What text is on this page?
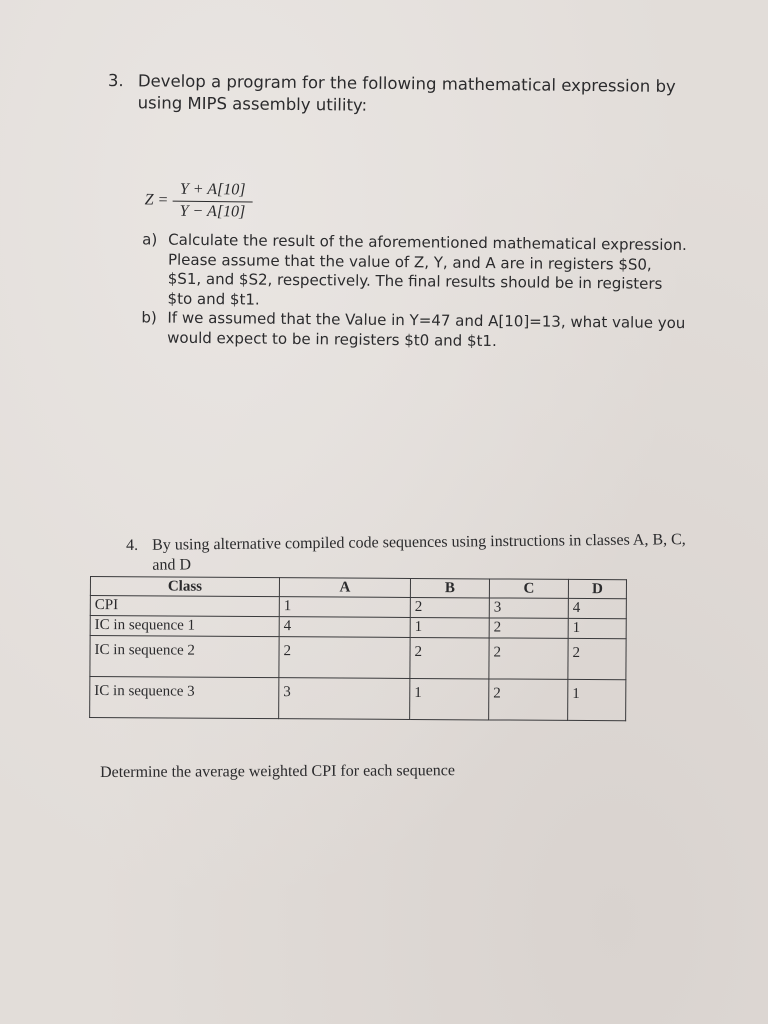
3. Develop a program for the following mathematical expression by using MIPS assembly utility:
$Z = \frac{Y + A[10]}{Y - A[10]}$
a) Calculate the result of the aforementioned mathematical expression. Please assume that the value of Z, Y, and A are in registers $S0, $S1, and $S2, respectively. The final results should be in registers $to and $t1.
b) If we assumed that the Value in Y=47 and A[10]=13, what value you would expect to be in registers $t0 and $t1.
4. By using alternative compiled code sequences using instructions in classes A, B, C, and D
Class	A	B	C	D
CPI	1	2	3	4
IC in sequence 1	4	1	2	1
IC in sequence 2	2	2	2	2
IC in sequence 3	3	1	2	1
Determine the average weighted CPI for each sequence
